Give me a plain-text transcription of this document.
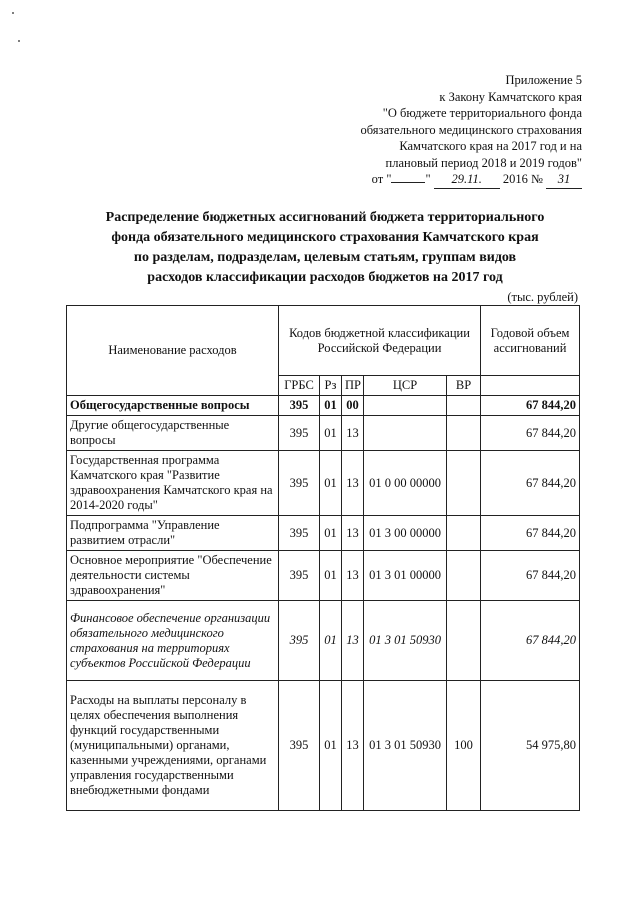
Приложение 5
к Закону Камчатского края
"О бюджете территориального фонда
обязательного медицинского страхования
Камчатского края на 2017 год и на
плановый период 2018 и 2019 годов"
от "	" 29.11. 2016 № 31
Распределение бюджетных ассигнований бюджета территориального
фонда обязательного медицинского страхования Камчатского края
по разделам, подразделам, целевым статьям, группам видов
расходов классификации расходов бюджетов на 2017 год
(тыс. рублей)
Наименование расходов	Кодов бюджетной классификации Российской Федерации					Годовой объем ассигнований
	ГРБС	Рз	ПР	ЦСР	ВР	
Общегосударственные вопросы	395	01	00			67 844,20
Другие общегосударственные вопросы	395	01	13			67 844,20
Государственная программа Камчатского края "Развитие здравоохранения Камчатского края на 2014-2020 годы"	395	01	13	01 0 00 00000		67 844,20
Подпрограмма "Управление развитием отрасли"	395	01	13	01 3 00 00000		67 844,20
Основное мероприятие "Обеспечение деятельности системы здравоохранения"	395	01	13	01 3 01 00000		67 844,20
Финансовое обеспечение организации обязательного медицинского страхования на территориях субъектов Российской Федерации	395	01	13	01 3 01 50930		67 844,20
Расходы на выплаты персоналу в целях обеспечения выполнения функций государственными (муниципальными) органами, казенными учреждениями, органами управления государственными внебюджетными фондами	395	01	13	01 3 01 50930	100	54 975,80
